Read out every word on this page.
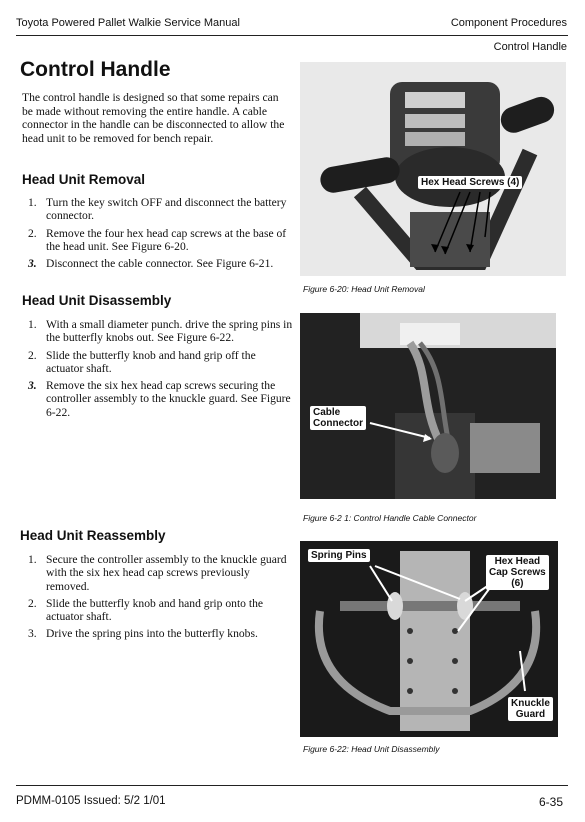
Toyota Powered Pallet Walkie Service Manual	Component Procedures
Control Handle
Control Handle

The control handle is designed so that some repairs can be made without removing the entire handle. A cable connector in the handle can be disconnected to allow the head unit to be removed for bench repair.

Head Unit Removal
1. Turn the key switch OFF and disconnect the battery connector.
2. Remove the four hex head cap screws at the base of the head unit. See Figure 6-20.
3. Disconnect the cable connector. See Figure 6-21.
Head Unit Disassembly
1. With a small diameter punch. drive the spring pins in the butterfly knobs out. See Figure 6-22.
2. Slide the butterfly knob and hand grip off the actuator shaft.
3. Remove the six hex head cap screws securing the controller assembly to the knuckle guard. See Figure 6-22.
Head Unit Reassembly
1. Secure the controller assembly to the knuckle guard with the six hex head cap screws previously removed.
2. Slide the butterfly knob and hand grip onto the actuator shaft.
3. Drive the spring pins into the butterfly knobs.
Hex Head Screws (4)
Figure 6-20: Head Unit Removal
Cable
Connector
Figure 6-2 1: Control Handle Cable Connector
Spring Pins
Hex Head
Cap Screws
(6)
Knuckle
Guard
Figure 6-22: Head Unit Disassembly
PDMM-0105 Issued: 5/2 1/01	6-35
